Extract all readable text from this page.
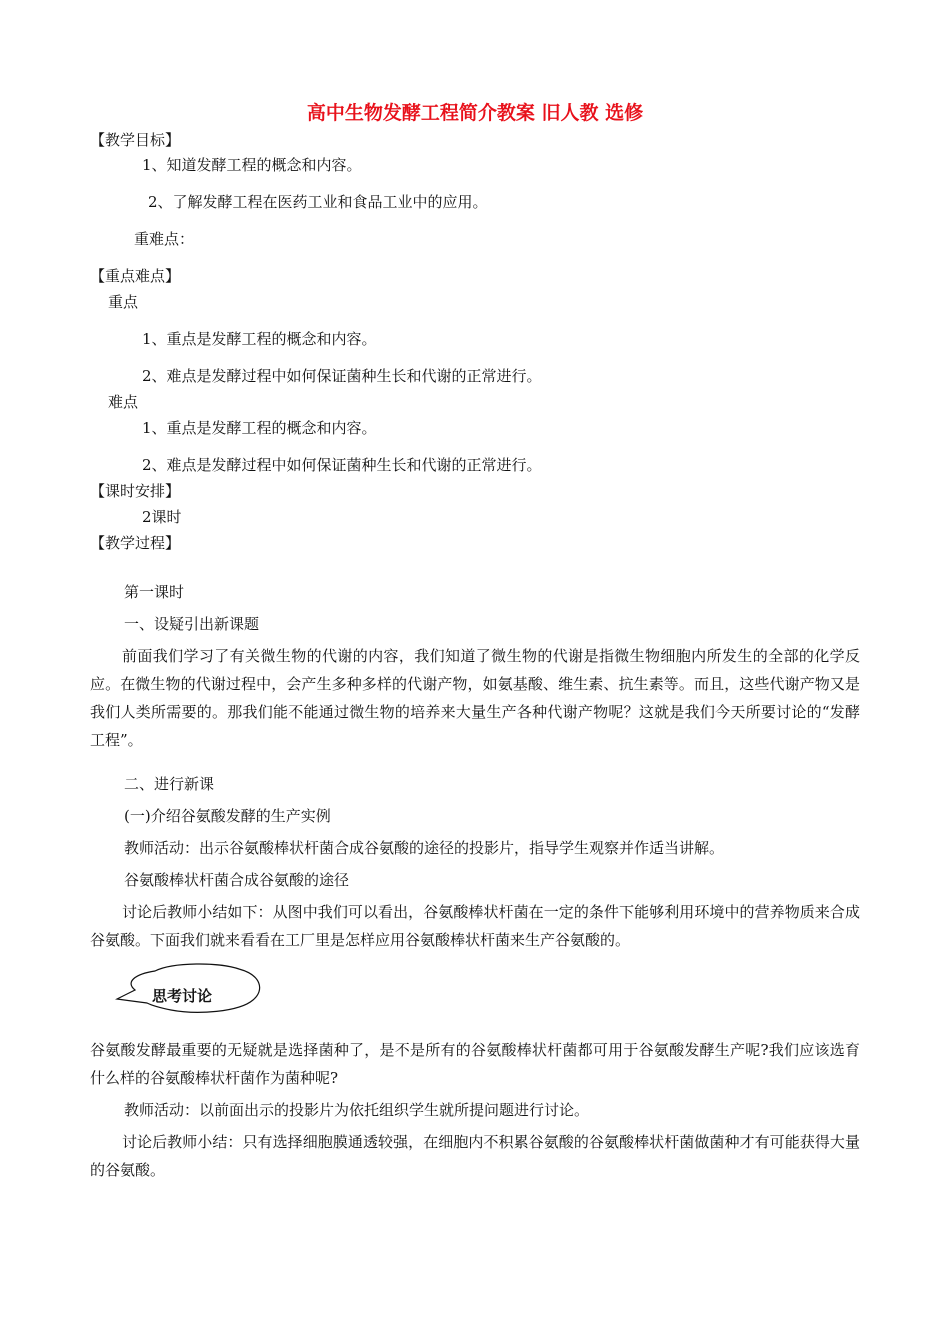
高中生物发酵工程简介教案 旧人教 选修
【教学目标】
1、知道发酵工程的概念和内容。
2、了解发酵工程在医药工业和食品工业中的应用。
重难点：
【重点难点】
重点
1、重点是发酵工程的概念和内容。
2、难点是发酵过程中如何保证菌种生长和代谢的正常进行。
难点
1、重点是发酵工程的概念和内容。
2、难点是发酵过程中如何保证菌种生长和代谢的正常进行。
【课时安排】
2课时
【教学过程】
第一课时
一、设疑引出新课题
前面我们学习了有关微生物的代谢的内容，我们知道了微生物的代谢是指微生物细胞内所发生的全部的化学反应。在微生物的代谢过程中，会产生多种多样的代谢产物，如氨基酸、维生素、抗生素等。而且，这些代谢产物又是我们人类所需要的。那我们能不能通过微生物的培养来大量生产各种代谢产物呢？这就是我们今天所要讨论的“发酵工程”。
二、进行新课
(一)介绍谷氨酸发酵的生产实例
教师活动：出示谷氨酸棒状杆菌合成谷氨酸的途径的投影片，指导学生观察并作适当讲解。
谷氨酸棒状杆菌合成谷氨酸的途径
讨论后教师小结如下：从图中我们可以看出，谷氨酸棒状杆菌在一定的条件下能够利用环境中的营养物质来合成谷氨酸。下面我们就来看看在工厂里是怎样应用谷氨酸棒状杆菌来生产谷氨酸的。
思考讨论
谷氨酸发酵最重要的无疑就是选择菌种了，是不是所有的谷氨酸棒状杆菌都可用于谷氨酸发酵生产呢?我们应该选育什么样的谷氨酸棒状杆菌作为菌种呢?
教师活动：以前面出示的投影片为依托组织学生就所提问题进行讨论。
讨论后教师小结：只有选择细胞膜通透较强，在细胞内不积累谷氨酸的谷氨酸棒状杆菌做菌种才有可能获得大量的谷氨酸。
